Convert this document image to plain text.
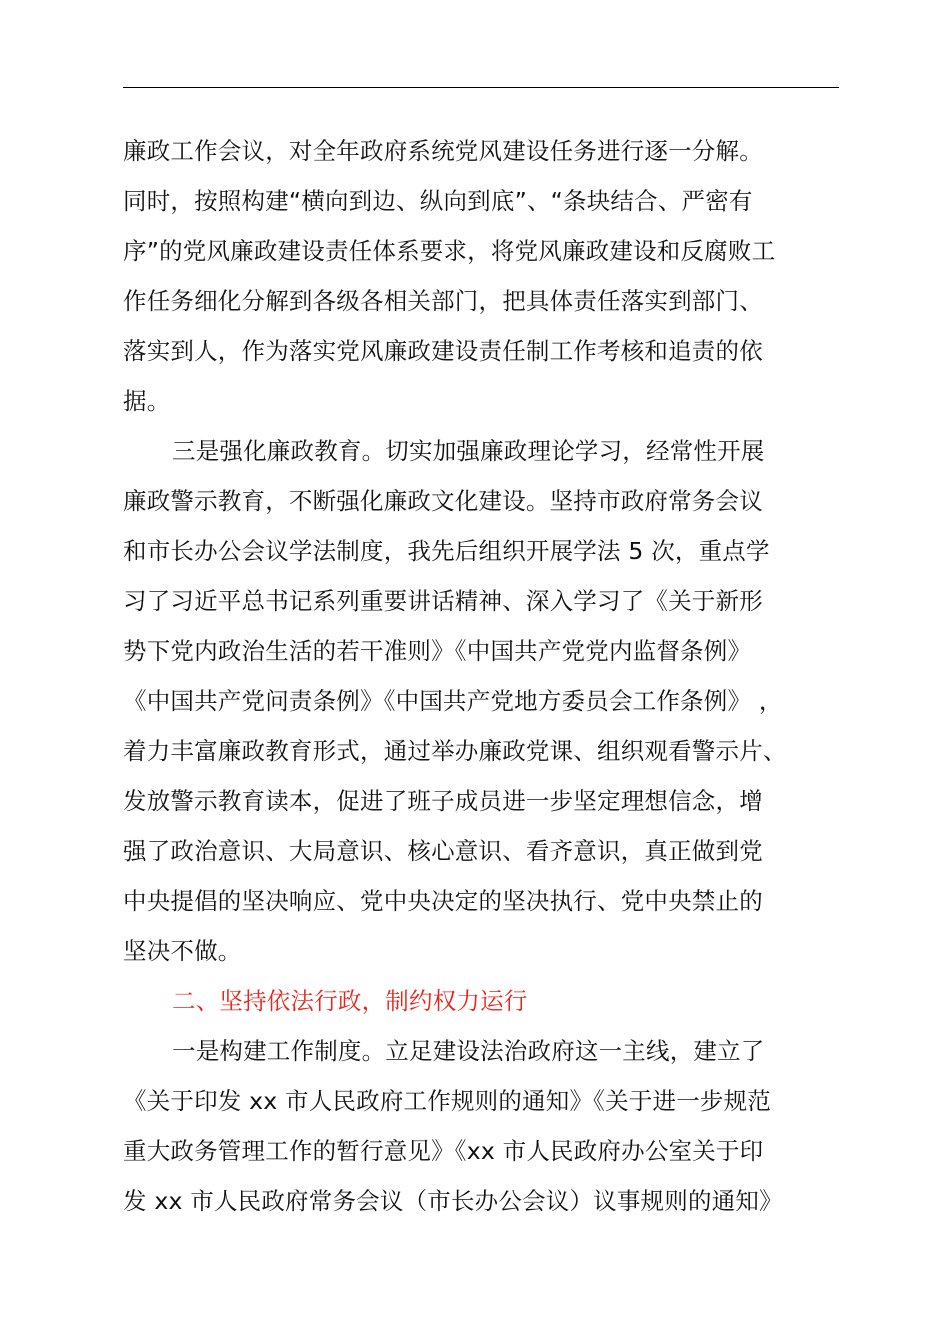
廉政工作会议，对全年政府系统党风建设任务进行逐一分解。
同时，按照构建“横向到边、纵向到底”、“条块结合、严密有
序”的党风廉政建设责任体系要求，将党风廉政建设和反腐败工
作任务细化分解到各级各相关部门，把具体责任落实到部门、
落实到人，作为落实党风廉政建设责任制工作考核和追责的依
据。
三是强化廉政教育。切实加强廉政理论学习，经常性开展
廉政警示教育，不断强化廉政文化建设。坚持市政府常务会议
和市长办公会议学法制度，我先后组织开展学法 5 次，重点学
习了习近平总书记系列重要讲话精神、深入学习了《关于新形
势下党内政治生活的若干准则》《中国共产党党内监督条例》
《中国共产党问责条例》《中国共产党地方委员会工作条例》 ，
着力丰富廉政教育形式，通过举办廉政党课、组织观看警示片、
发放警示教育读本，促进了班子成员进一步坚定理想信念，增
强了政治意识、大局意识、核心意识、看齐意识，真正做到党
中央提倡的坚决响应、党中央决定的坚决执行、党中央禁止的
坚决不做。
二、坚持依法行政，制约权力运行
一是构建工作制度。立足建设法治政府这一主线，建立了
《关于印发 xx 市人民政府工作规则的通知》《关于进一步规范
重大政务管理工作的暂行意见》《xx 市人民政府办公室关于印
发 xx 市人民政府常务会议（市长办公会议）议事规则的通知》
